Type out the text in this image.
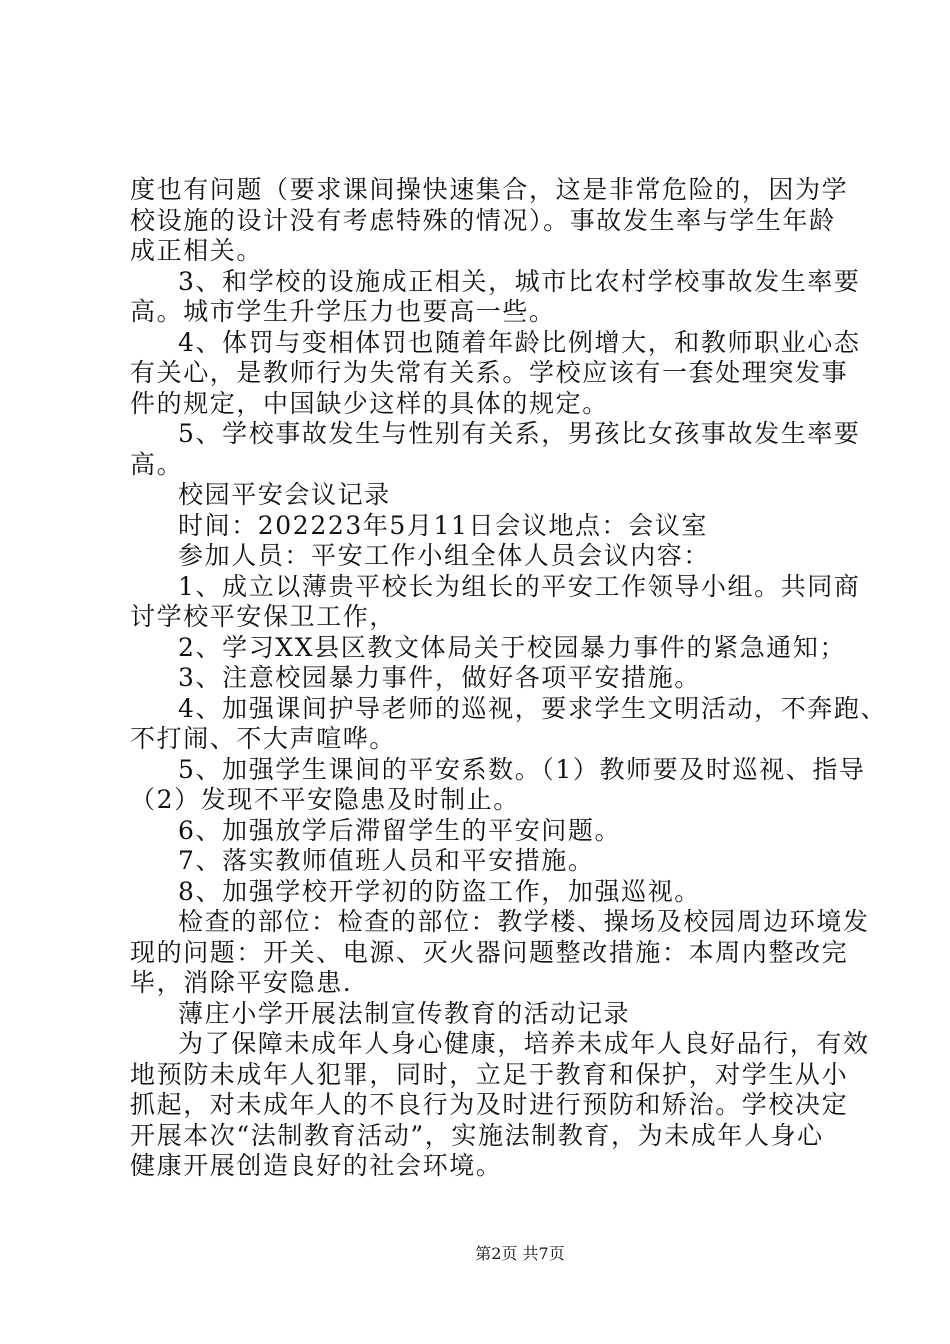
度也有问题（要求课间操快速集合，这是非常危险的，因为学
校设施的设计没有考虑特殊的情况）。事故发生率与学生年龄
成正相关。
3、和学校的设施成正相关，城市比农村学校事故发生率要
高。城市学生升学压力也要高一些。
4、体罚与变相体罚也随着年龄比例增大，和教师职业心态
有关心，是教师行为失常有关系。学校应该有一套处理突发事
件的规定，中国缺少这样的具体的规定。
5、学校事故发生与性别有关系，男孩比女孩事故发生率要
高。
校园平安会议记录
时间：202223年5月11日会议地点：会议室
参加人员：平安工作小组全体人员会议内容：
1、成立以薄贵平校长为组长的平安工作领导小组。共同商
讨学校平安保卫工作，
2、学习XX县区教文体局关于校园暴力事件的紧急通知；
3、注意校园暴力事件，做好各项平安措施。
4、加强课间护导老师的巡视，要求学生文明活动，不奔跑、
不打闹、不大声喧哗。
5、加强学生课间的平安系数。（1）教师要及时巡视、指导
（2）发现不平安隐患及时制止。
6、加强放学后滞留学生的平安问题。
7、落实教师值班人员和平安措施。
8、加强学校开学初的防盗工作，加强巡视。
检查的部位：检查的部位：教学楼、操场及校园周边环境发
现的问题：开关、电源、灭火器问题整改措施：本周内整改完
毕，消除平安隐患.
薄庄小学开展法制宣传教育的活动记录
为了保障未成年人身心健康，培养未成年人良好品行，有效
地预防未成年人犯罪，同时，立足于教育和保护，对学生从小
抓起，对未成年人的不良行为及时进行预防和矫治。学校决定
开展本次“法制教育活动”，实施法制教育，为未成年人身心
健康开展创造良好的社会环境。
第2页 共7页
